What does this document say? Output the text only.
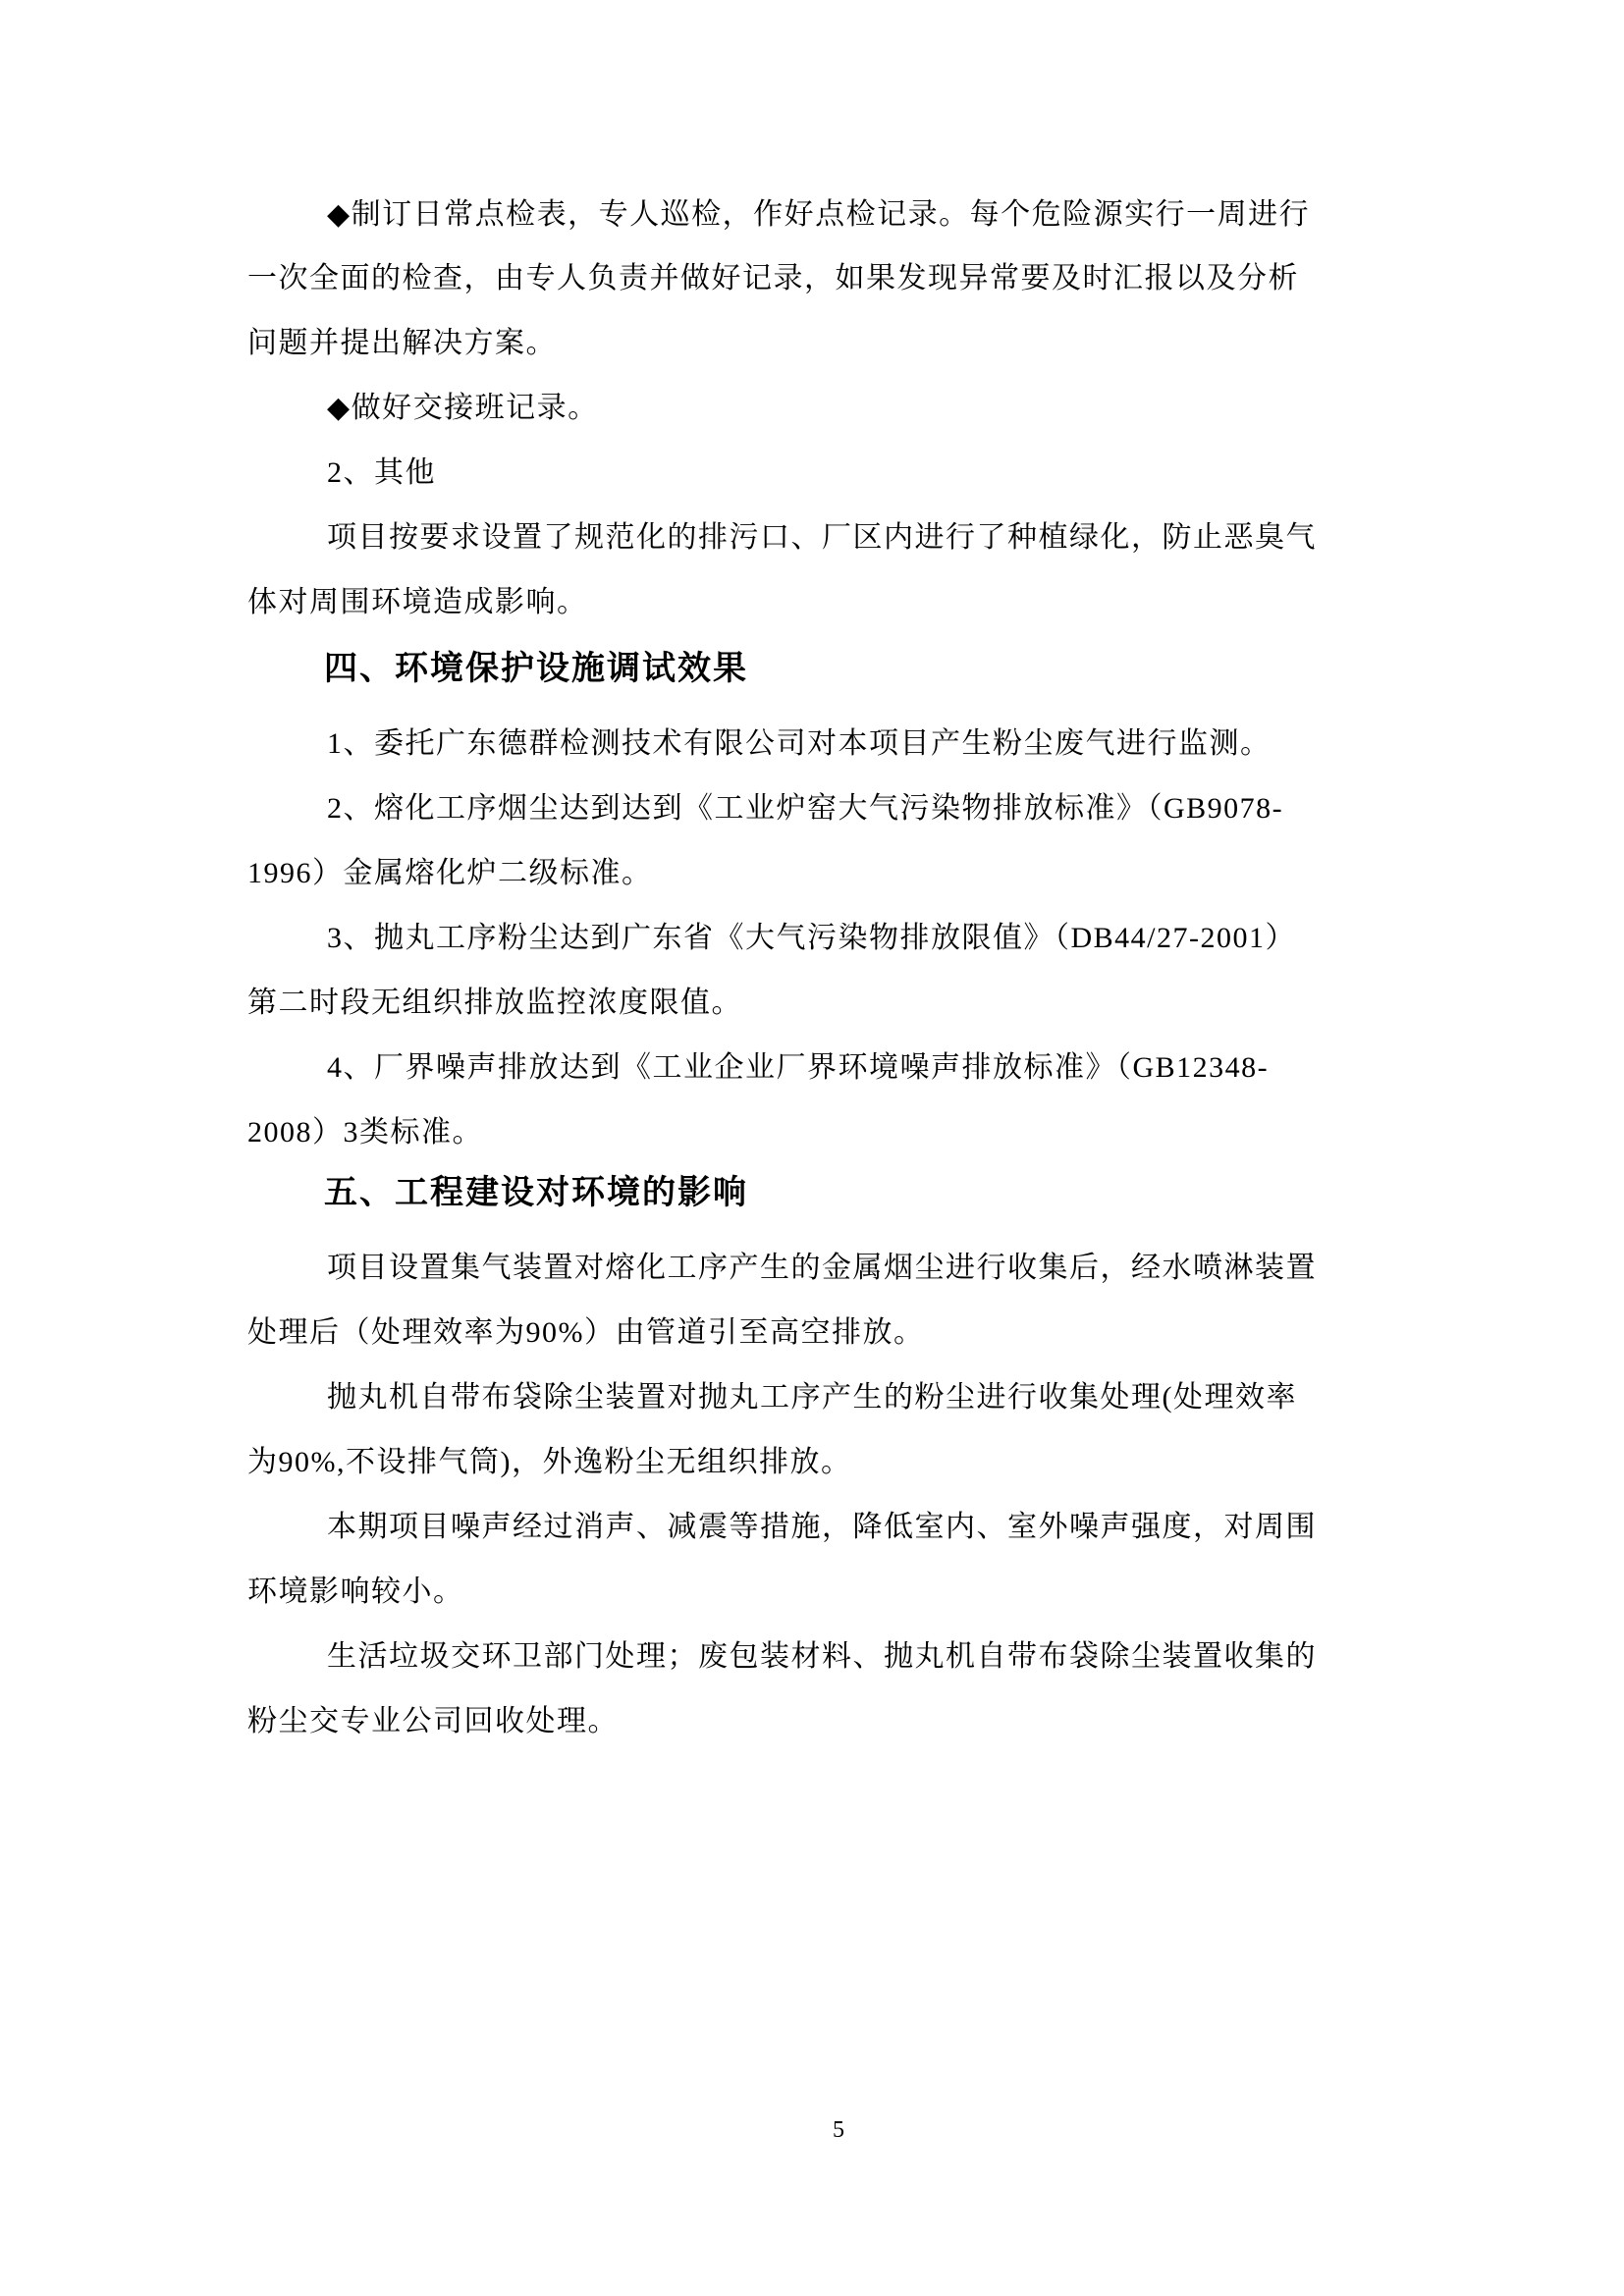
◆制订日常点检表，专人巡检，作好点检记录。每个危险源实行一周进行
一次全面的检查，由专人负责并做好记录，如果发现异常要及时汇报以及分析
问题并提出解决方案。
◆做好交接班记录。
2、其他
项目按要求设置了规范化的排污口、厂区内进行了种植绿化，防止恶臭气
体对周围环境造成影响。
四、环境保护设施调试效果
1、委托广东德群检测技术有限公司对本项目产生粉尘废气进行监测。
2、熔化工序烟尘达到达到《工业炉窑大气污染物排放标准》（GB9078-
1996）金属熔化炉二级标准。
3、抛丸工序粉尘达到广东省《大气污染物排放限值》（DB44/27-2001）
第二时段无组织排放监控浓度限值。
4、厂界噪声排放达到《工业企业厂界环境噪声排放标准》（GB12348-
2008）3类标准。
五、工程建设对环境的影响
项目设置集气装置对熔化工序产生的金属烟尘进行收集后，经水喷淋装置
处理后（处理效率为90%）由管道引至高空排放。
抛丸机自带布袋除尘装置对抛丸工序产生的粉尘进行收集处理(处理效率
为90%,不设排气筒)，外逸粉尘无组织排放。
本期项目噪声经过消声、减震等措施，降低室内、室外噪声强度，对周围
环境影响较小。
生活垃圾交环卫部门处理；废包装材料、抛丸机自带布袋除尘装置收集的
粉尘交专业公司回收处理。
5
